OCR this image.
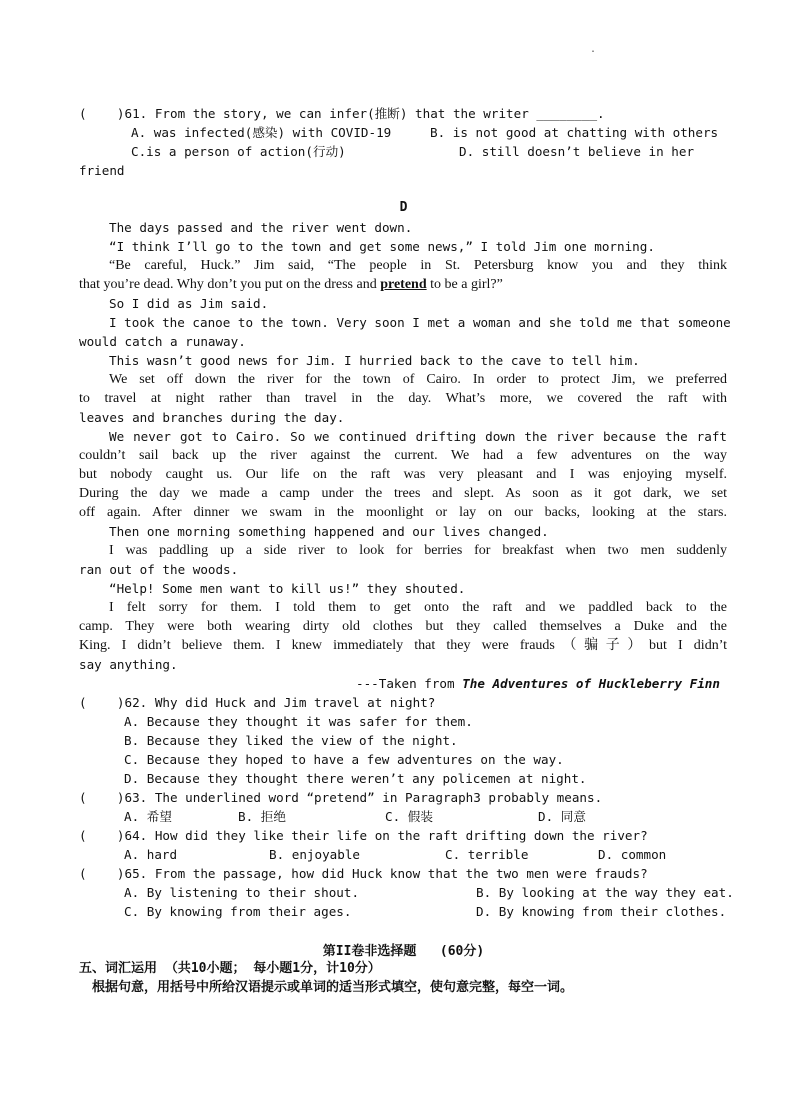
.
(    )61. From the story, we can infer(推断) that the writer ________.
A. was infected(感染) with COVID-19	B. is not good at chatting with others
C.is a person of action(行动)	D. still doesn’t believe in her
friend
D
The days passed and the river went down.
“I think I’ll go to the town and get some news,” I told Jim one morning.
“Be careful, Huck.” Jim said, “The people in St. Petersburg know you and they think
that you’re dead. Why don’t you put on the dress and pretend to be a girl?”
So I did as Jim said.
I took the canoe to the town. Very soon I met a woman and she told me that someone
would catch a runaway.
This wasn’t good news for Jim. I hurried back to the cave to tell him.
We set off down the river for the town of Cairo. In order to protect Jim, we preferred
to travel at night rather than travel in the day. What’s more, we covered the raft with
leaves and branches during the day.
We never got to Cairo. So we continued drifting down the river because the raft
couldn’t sail back up the river against the current. We had a few adventures on the way
but nobody caught us. Our life on the raft was very pleasant and I was enjoying myself.
During the day we made a camp under the trees and slept. As soon as it got dark, we set
off again. After dinner we swam in the moonlight or lay on our backs, looking at the stars.
Then one morning something happened and our lives changed.
I was paddling up a side river to look for berries for breakfast when two men suddenly
ran out of the woods.
“Help! Some men want to kill us!” they shouted.
I felt sorry for them. I told them to get onto the raft and we paddled back to the
camp. They were both wearing dirty old clothes but they called themselves a Duke and the
King. I didn’t believe them. I knew immediately that they were frauds（骗子）but I didn’t
say anything.
---Taken from The Adventures of Huckleberry Finn
(    )62. Why did Huck and Jim travel at night?
A. Because they thought it was safer for them.
B. Because they liked the view of the night.
C. Because they hoped to have a few adventures on the way.
D. Because they thought there weren’t any policemen at night.
(    )63. The underlined word “pretend” in Paragraph3 probably means.
A. 希望	B. 拒绝	C. 假装	D. 同意
(    )64. How did they like their life on the raft drifting down the river?
A. hard	B. enjoyable	C. terrible	D. common
(    )65. From the passage, how did Huck know that the two men were frauds?
A. By listening to their shout.	B. By looking at the way they eat.
C. By knowing from their ages.	D. By knowing from their clothes.
第II卷非选择题   (60分)
五、词汇运用 （共10小题； 每小题1分，计10分）
根据句意，用括号中所给汉语提示或单词的适当形式填空，使句意完整，每空一词。
